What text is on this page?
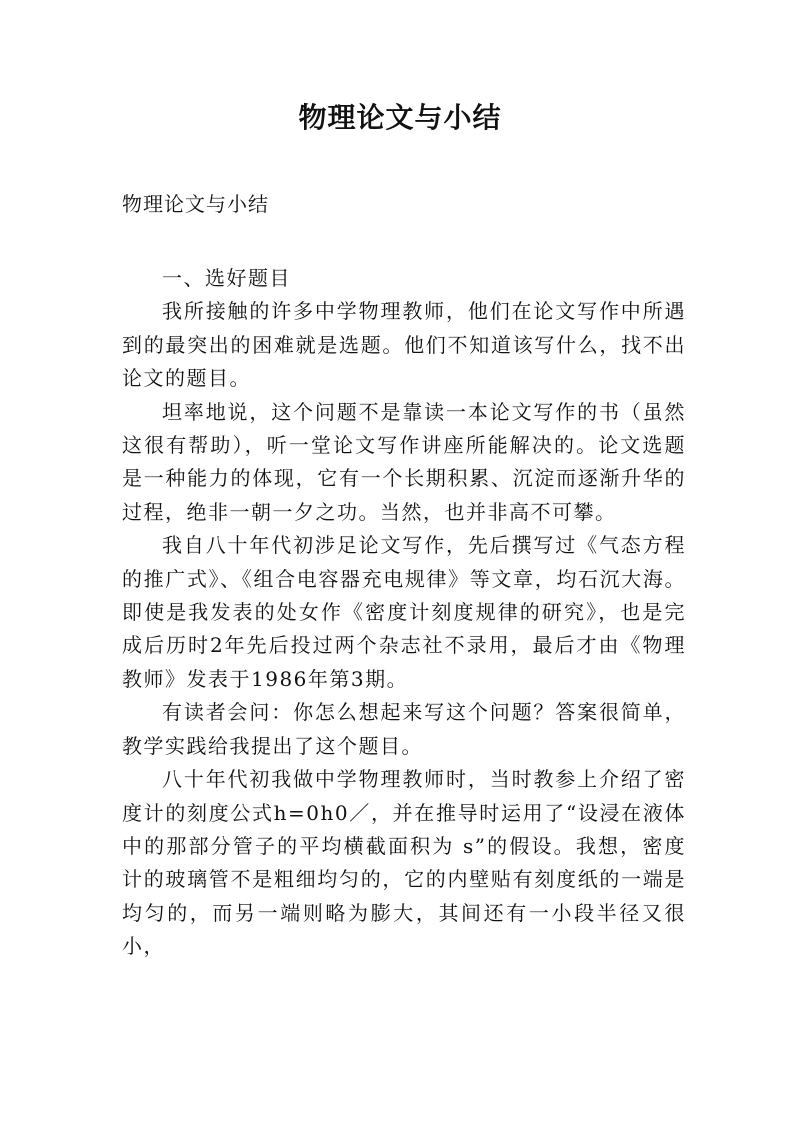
物理论文与小结
物理论文与小结

一、选好题目

我所接触的许多中学物理教师，他们在论文写作中所遇到的最突出的困难就是选题。他们不知道该写什么，找不出论文的题目。

坦率地说，这个问题不是靠读一本论文写作的书（虽然这很有帮助），听一堂论文写作讲座所能解决的。论文选题是一种能力的体现，它有一个长期积累、沉淀而逐渐升华的过程，绝非一朝一夕之功。当然，也并非高不可攀。

我自八十年代初涉足论文写作，先后撰写过《气态方程的推广式》、《组合电容器充电规律》等文章，均石沉大海。即使是我发表的处女作《密度计刻度规律的研究》，也是完成后历时2年先后投过两个杂志社不录用，最后才由《物理教师》发表于1986年第3期。

有读者会问：你怎么想起来写这个问题？答案很简单，教学实践给我提出了这个题目。

八十年代初我做中学物理教师时，当时教参上介绍了密度计的刻度公式h=0h0／，并在推导时运用了“设浸在液体中的那部分管子的平均横截面积为 s”的假设。我想，密度计的玻璃管不是粗细均匀的，它的内壁贴有刻度纸的一端是均匀的，而另一端则略为膨大，其间还有一小段半径又很小，
